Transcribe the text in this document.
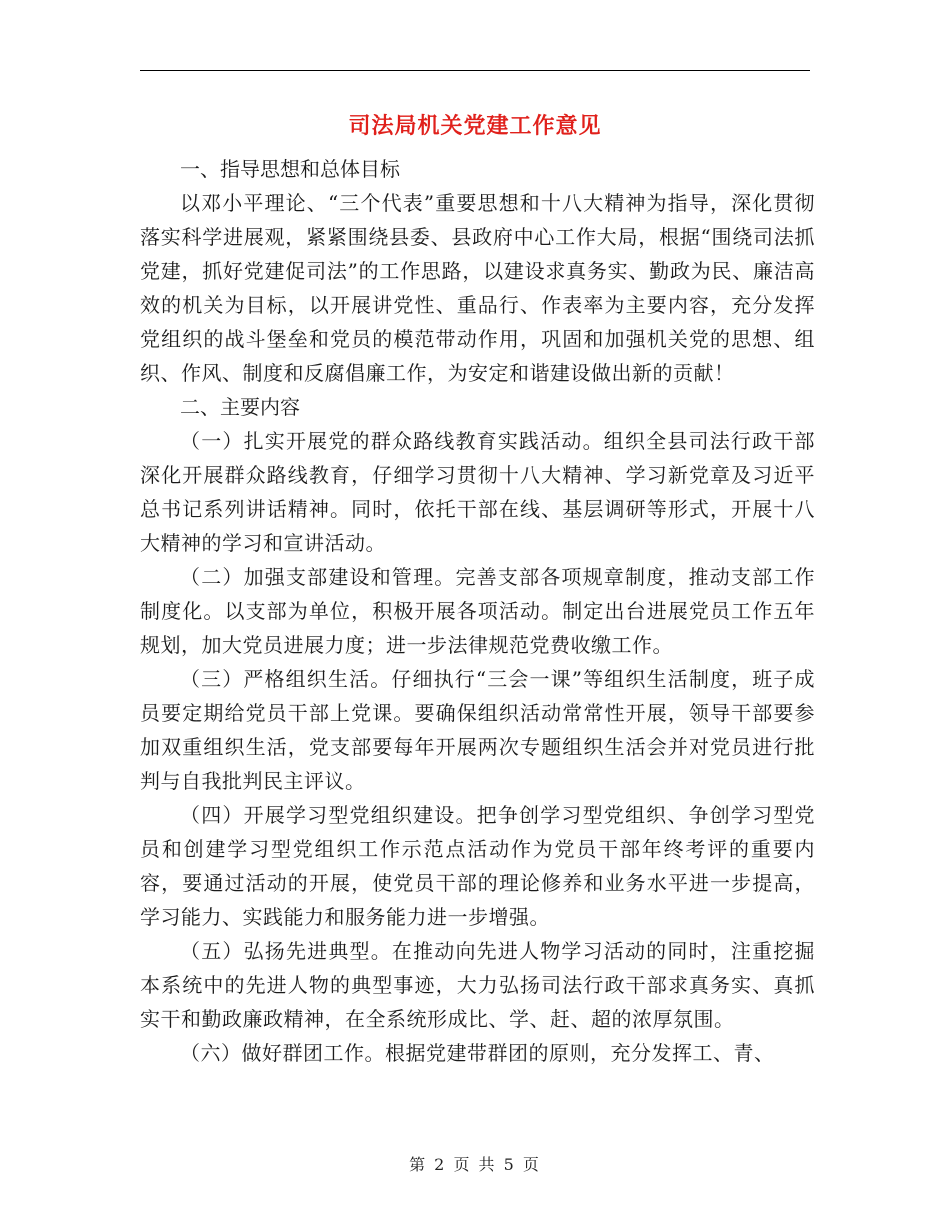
司法局机关党建工作意见

一、指导思想和总体目标

以邓小平理论、“三个代表”重要思想和十八大精神为指导，深化贯彻落实科学进展观，紧紧围绕县委、县政府中心工作大局，根据“围绕司法抓党建，抓好党建促司法”的工作思路，以建设求真务实、勤政为民、廉洁高效的机关为目标，以开展讲党性、重品行、作表率为主要内容，充分发挥党组织的战斗堡垒和党员的模范带动作用，巩固和加强机关党的思想、组织、作风、制度和反腐倡廉工作，为安定和谐建设做出新的贡献！

二、主要内容

（一）扎实开展党的群众路线教育实践活动。组织全县司法行政干部深化开展群众路线教育，仔细学习贯彻十八大精神、学习新党章及习近平总书记系列讲话精神。同时，依托干部在线、基层调研等形式，开展十八大精神的学习和宣讲活动。

（二）加强支部建设和管理。完善支部各项规章制度，推动支部工作制度化。以支部为单位，积极开展各项活动。制定出台进展党员工作五年规划，加大党员进展力度；进一步法律规范党费收缴工作。

（三）严格组织生活。仔细执行“三会一课”等组织生活制度，班子成员要定期给党员干部上党课。要确保组织活动常常性开展，领导干部要参加双重组织生活，党支部要每年开展两次专题组织生活会并对党员进行批判与自我批判民主评议。

（四）开展学习型党组织建设。把争创学习型党组织、争创学习型党员和创建学习型党组织工作示范点活动作为党员干部年终考评的重要内容，要通过活动的开展，使党员干部的理论修养和业务水平进一步提高，学习能力、实践能力和服务能力进一步增强。

（五）弘扬先进典型。在推动向先进人物学习活动的同时，注重挖掘本系统中的先进人物的典型事迹，大力弘扬司法行政干部求真务实、真抓实干和勤政廉政精神，在全系统形成比、学、赶、超的浓厚氛围。

（六）做好群团工作。根据党建带群团的原则，充分发挥工、青、

第 2 页 共 5 页
